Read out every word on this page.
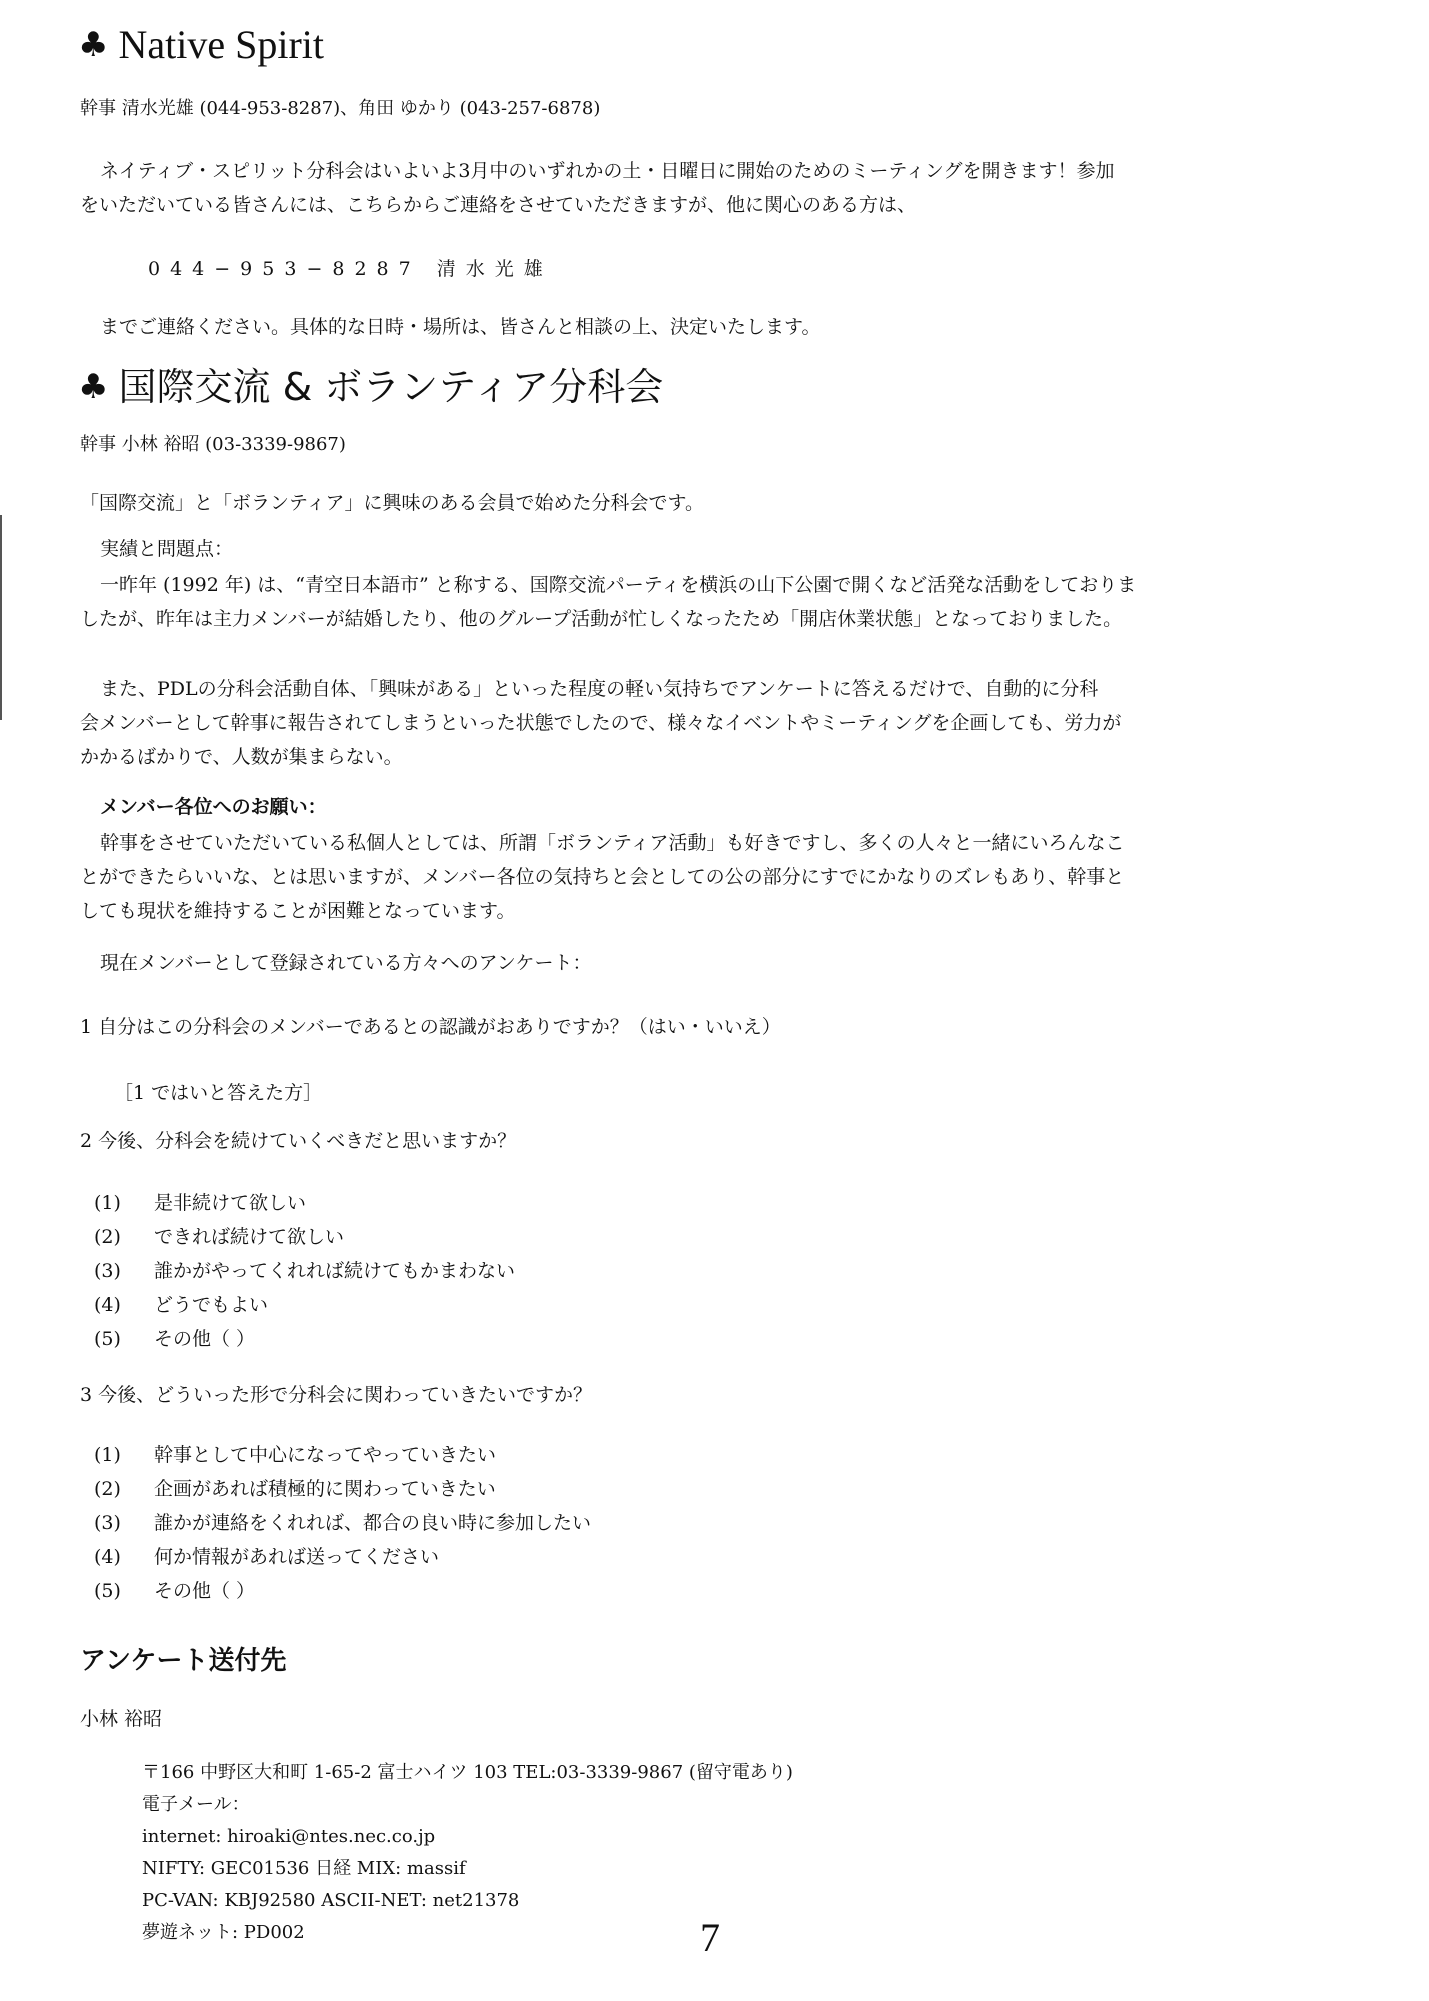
♣ Native Spirit
幹事 清水光雄 (044-953-8287)、角田 ゆかり (043-257-6878)
ネイティブ・スピリット分科会はいよいよ3月中のいずれかの土・日曜日に開始のためのミーティングを開きます！参加
をいただいている皆さんには、こちらからご連絡をさせていただきますが、他に関心のある方は、
044−953−8287 清水光雄
までご連絡ください。具体的な日時・場所は、皆さんと相談の上、決定いたします。
♣ 国際交流 & ボランティア分科会
幹事 小林 裕昭 (03-3339-9867)
「国際交流」と「ボランティア」に興味のある会員で始めた分科会です。
実績と問題点：
一昨年 (1992 年) は、“青空日本語市” と称する、国際交流パーティを横浜の山下公園で開くなど活発な活動をしておりま
したが、昨年は主力メンバーが結婚したり、他のグループ活動が忙しくなったため「開店休業状態」となっておりました。
また、PDLの分科会活動自体、「興味がある」といった程度の軽い気持ちでアンケートに答えるだけで、自動的に分科
会メンバーとして幹事に報告されてしまうといった状態でしたので、様々なイベントやミーティングを企画しても、労力が
かかるばかりで、人数が集まらない。
メンバー各位へのお願い：
幹事をさせていただいている私個人としては、所謂「ボランティア活動」も好きですし、多くの人々と一緒にいろんなこ
とができたらいいな、とは思いますが、メンバー各位の気持ちと会としての公の部分にすでにかなりのズレもあり、幹事と
しても現状を維持することが困難となっています。
現在メンバーとして登録されている方々へのアンケート：
1 自分はこの分科会のメンバーであるとの認識がおありですか？（はい・いいえ）
［1 ではいと答えた方］
2 今後、分科会を続けていくべきだと思いますか？
(1)	是非続けて欲しい
(2)	できれば続けて欲しい
(3)	誰かがやってくれれば続けてもかまわない
(4)	どうでもよい
(5)	その他（ ）
3 今後、どういった形で分科会に関わっていきたいですか？
(1)	幹事として中心になってやっていきたい
(2)	企画があれば積極的に関わっていきたい
(3)	誰かが連絡をくれれば、都合の良い時に参加したい
(4)	何か情報があれば送ってください
(5)	その他（ ）
アンケート送付先
小林 裕昭
〒166 中野区大和町 1-65-2 富士ハイツ 103 TEL:03-3339-9867 (留守電あり)
電子メール：
internet: hiroaki@ntes.nec.co.jp
NIFTY: GEC01536 日経 MIX: massif
PC-VAN: KBJ92580 ASCII-NET: net21378
夢遊ネット: PD002	7
